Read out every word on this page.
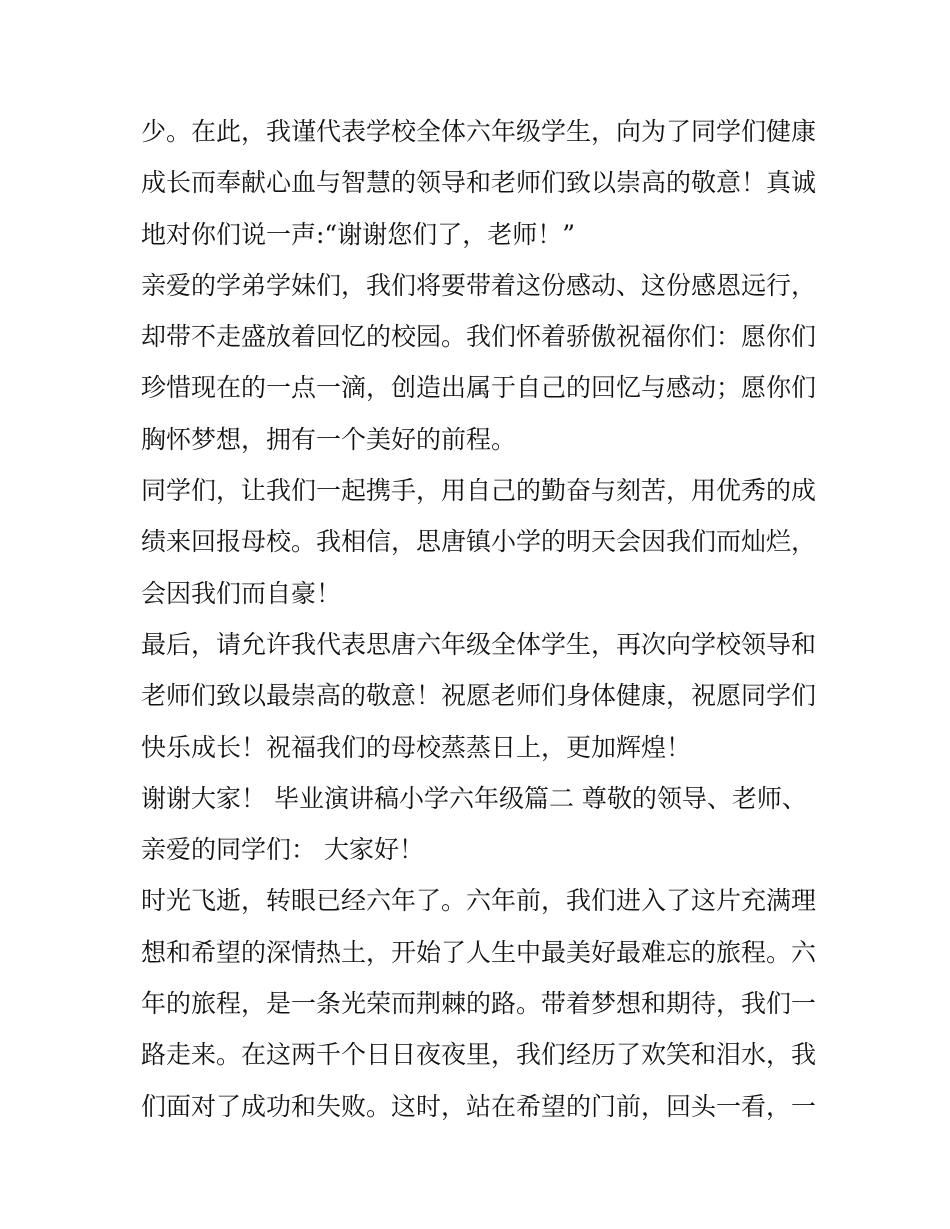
少。在此，我谨代表学校全体六年级学生，向为了同学们健康
成长而奉献心血与智慧的领导和老师们致以崇高的敬意！真诚
地对你们说一声:“谢谢您们了，老师！”
亲爱的学弟学妹们，我们将要带着这份感动、这份感恩远行，
却带不走盛放着回忆的校园。我们怀着骄傲祝福你们：愿你们
珍惜现在的一点一滴，创造出属于自己的回忆与感动；愿你们
胸怀梦想，拥有一个美好的前程。
同学们，让我们一起携手，用自己的勤奋与刻苦，用优秀的成
绩来回报母校。我相信，思唐镇小学的明天会因我们而灿烂，
会因我们而自豪！
最后，请允许我代表思唐六年级全体学生，再次向学校领导和
老师们致以最崇高的敬意！祝愿老师们身体健康，祝愿同学们
快乐成长！祝福我们的母校蒸蒸日上，更加辉煌！
谢谢大家！ 毕业演讲稿小学六年级篇二 尊敬的领导、老师、
亲爱的同学们： 大家好！
时光飞逝，转眼已经六年了。六年前，我们进入了这片充满理
想和希望的深情热土，开始了人生中最美好最难忘的旅程。六
年的旅程，是一条光荣而荆棘的路。带着梦想和期待，我们一
路走来。在这两千个日日夜夜里，我们经历了欢笑和泪水，我
们面对了成功和失败。这时，站在希望的门前，回头一看，一
